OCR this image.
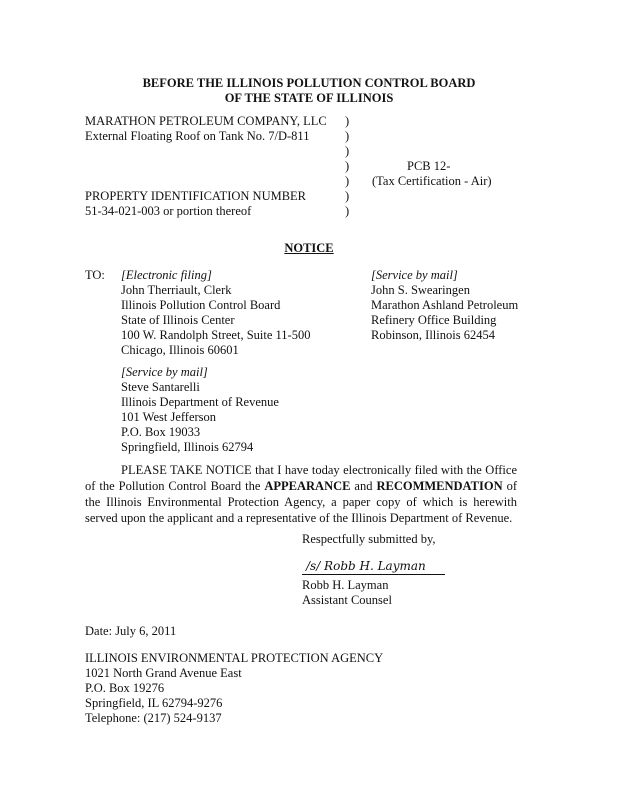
BEFORE THE ILLINOIS POLLUTION CONTROL BOARD
OF THE STATE OF ILLINOIS
MARATHON PETROLEUM COMPANY, LLC
External Floating Roof on Tank No. 7/D-811
PROPERTY IDENTIFICATION NUMBER
51-34-021-003 or portion thereof
)
)
)
)
)
)
)
PCB 12-
(Tax Certification - Air)
NOTICE
TO: [Electronic filing]
John Therriault, Clerk
Illinois Pollution Control Board
State of Illinois Center
100 W. Randolph Street, Suite 11-500
Chicago, Illinois 60601
[Service by mail]
John S. Swearingen
Marathon Ashland Petroleum
Refinery Office Building
Robinson, Illinois 62454
[Service by mail]
Steve Santarelli
Illinois Department of Revenue
101 West Jefferson
P.O. Box 19033
Springfield, Illinois 62794
PLEASE TAKE NOTICE that I have today electronically filed with the Office of the Pollution Control Board the APPEARANCE and RECOMMENDATION of the Illinois Environmental Protection Agency, a paper copy of which is herewith served upon the applicant and a representative of the Illinois Department of Revenue.
Respectfully submitted by,
/s/ Robb H. Layman
Robb H. Layman
Assistant Counsel
Date: July 6, 2011
ILLINOIS ENVIRONMENTAL PROTECTION AGENCY
1021 North Grand Avenue East
P.O. Box 19276
Springfield, IL 62794-9276
Telephone: (217) 524-9137
